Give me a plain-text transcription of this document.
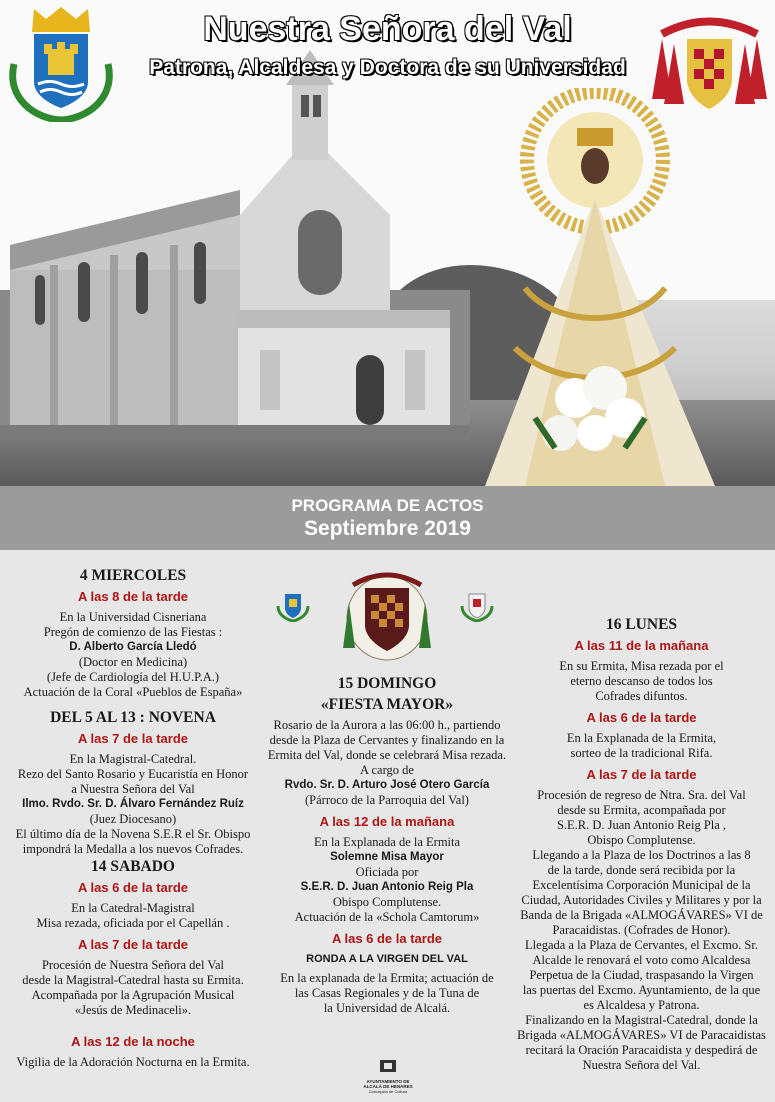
Nuestra Señora del Val
Patrona, Alcaldesa y Doctora de su Universidad
PROGRAMA DE ACTOS
Septiembre 2019
4 MIERCOLES
A las 8 de la tarde
En la Universidad Cisneriana
Pregón de comienzo de las Fiestas :
D. Alberto García Lledó
(Doctor en Medicina)
(Jefe de Cardiología del H.U.P.A.)
Actuación de la Coral «Pueblos de España»
DEL 5 AL 13 : NOVENA
A las 7 de la tarde
En la Magistral-Catedral.
Rezo del Santo Rosario y Eucaristía en Honor
a Nuestra Señora del Val
Ilmo. Rvdo. Sr. D. Álvaro Fernández Ruíz
(Juez Diocesano)
El último día de la Novena S.E.R el Sr. Obispo
impondrá la Medalla a los nuevos Cofrades.
14 SABADO
A las 6 de la tarde
En la Catedral-Magistral
Misa rezada, oficiada por el Capellán .
A las 7 de la tarde
Procesión de Nuestra Señora del Val
desde la Magistral-Catedral hasta su Ermita.
Acompañada por la Agrupación Musical
«Jesús de Medinaceli».
A las 12 de la noche
Vigilia de la Adoración Nocturna en la Ermita.
15 DOMINGO
«FIESTA MAYOR»
Rosario de la Aurora a las 06:00 h., partiendo
desde la Plaza de Cervantes y finalizando en la
Ermita del Val, donde se celebrará Misa rezada.
A cargo de
Rvdo. Sr. D. Arturo José Otero García
(Párroco de la Parroquia del Val)
A las 12 de la mañana
En la Explanada de la Ermita
Solemne Misa Mayor
Oficiada por
S.E.R. D. Juan Antonio Reig Pla
Obispo Complutense.
Actuación de la «Schola Camtorum»
A las 6 de la tarde
RONDA A LA VIRGEN DEL VAL
En la explanada de la Ermita; actuación de
las Casas Regionales y de la Tuna de
la Universidad de Alcalá.
16 LUNES
A las 11 de la mañana
En su Ermita, Misa rezada por el
eterno descanso de todos los
Cofrades difuntos.
A las 6 de la tarde
En la Explanada de la Ermita,
sorteo de la tradicional Rifa.
A las 7 de la tarde
Procesión de regreso de Ntra. Sra. del Val
desde su Ermita, acompañada por
S.E.R. D. Juan Antonio Reig Pla ,
Obispo Complutense.
Llegando a la Plaza de los Doctrinos a las 8
de la tarde, donde será recibida por la
Excelentísima Corporación Municipal de la
Ciudad, Autoridades Civiles y Militares y por la
Banda de la Brigada «ALMOGÁVARES» VI de
Paracaidistas. (Cofrades de Honor).
Llegada a la Plaza de Cervantes, el Excmo. Sr.
Alcalde le renovará el voto como Alcaldesa
Perpetua de la Ciudad, traspasando la Virgen
las puertas del Excmo. Ayuntamiento, de la que
es Alcaldesa y Patrona.
Finalizando en la Magistral-Catedral, donde la
Brigada «ALMOGÁVARES» VI de Paracaidistas
recitará la Oración Paracaidista y despedirá de
Nuestra Señora del Val.
AYUNTAMIENTO DE
ALCALÁ DE HENARES
Concejalía de Cultura
